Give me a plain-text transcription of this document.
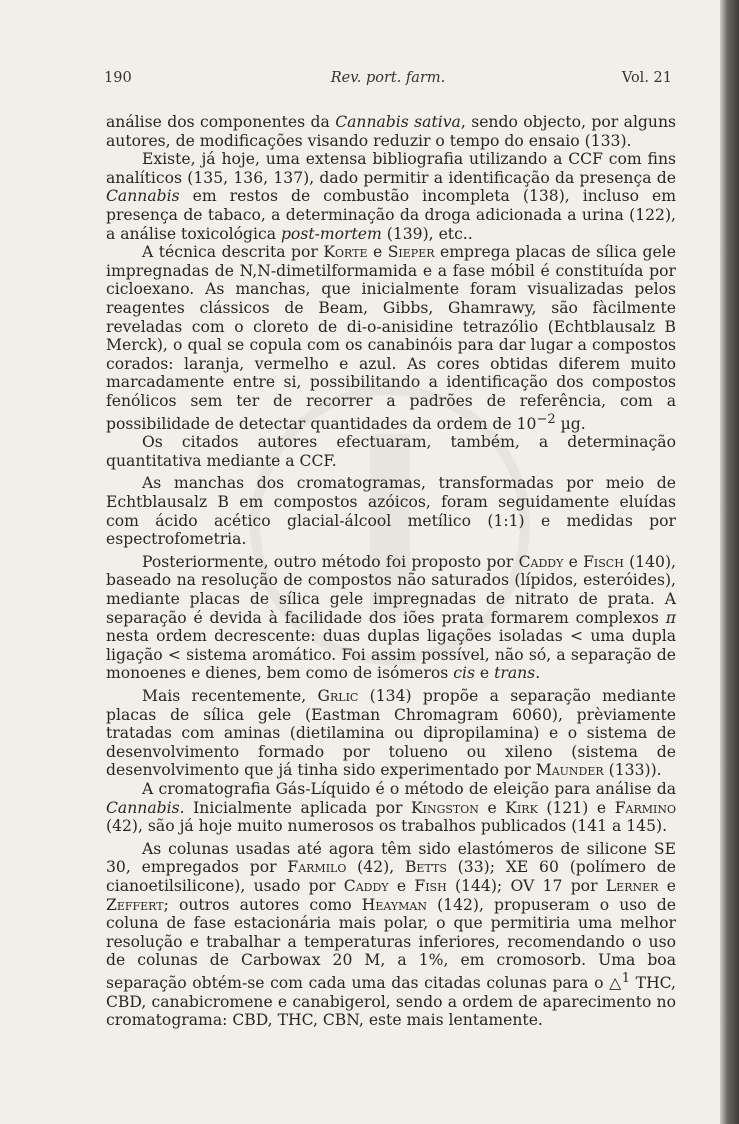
190	Rev. port. farm.	Vol. 21

análise dos componentes da Cannabis sativa, sendo objecto, por alguns autores, de modificações visando reduzir o tempo do ensaio (133).

Existe, já hoje, uma extensa bibliografia utilizando a CCF com fins analíticos (135, 136, 137), dado permitir a identificação da presença de Cannabis em restos de combustão incompleta (138), incluso em presença de tabaco, a determinação da droga adicionada a urina (122), a análise toxicológica post-mortem (139), etc..

A técnica descrita por Korte e Sieper emprega placas de sílica gele impregnadas de N,N-dimetilformamida e a fase móbil é constituída por cicloexano. As manchas, que inicialmente foram visualizadas pelos reagentes clássicos de Beam, Gibbs, Ghamrawy, são fàcilmente reveladas com o cloreto de di-o-anisidine tetrazólio (Echtblausalz B Merck), o qual se copula com os canabinóis para dar lugar a compostos corados: laranja, vermelho e azul. As cores obtidas diferem muito marcadamente entre si, possibilitando a identificação dos compostos fenólicos sem ter de recorrer a padrões de referência, com a possibilidade de detectar quantidades da ordem de $10^{-2}$ µg.

Os citados autores efectuaram, também, a determinação quantitativa mediante a CCF.

As manchas dos cromatogramas, transformadas por meio de Echtblausalz B em compostos azóicos, foram seguidamente eluídas com ácido acético glacial-álcool metílico (1:1) e medidas por espectrofometria.

Posteriormente, outro método foi proposto por Caddy e Fisch (140), baseado na resolução de compostos não saturados (lípidos, esteróides), mediante placas de sílica gele impregnadas de nitrato de prata. A separação é devida à facilidade dos iões prata formarem complexos π nesta ordem decrescente: duas duplas ligações isoladas < uma dupla ligação < sistema aromático. Foi assim possível, não só, a separação de monoenes e dienes, bem como de isómeros cis e trans.

Mais recentemente, Grlic (134) propõe a separação mediante placas de sílica gele (Eastman Chromagram 6060), prèviamente tratadas com aminas (dietilamina ou dipropilamina) e o sistema de desenvolvimento formado por tolueno ou xileno (sistema de desenvolvimento que já tinha sido experimentado por Maunder (133)).

A cromatografia Gás-Líquido é o método de eleição para análise da Cannabis. Inicialmente aplicada por Kingston e Kirk (121) e Farmino (42), são já hoje muito numerosos os trabalhos publicados (141 a 145).

As colunas usadas até agora têm sido elastómeros de silicone SE 30, empregados por Farmilo (42), Betts (33); XE 60 (polímero de cianoetilsilicone), usado por Caddy e Fish (144); OV 17 por Lerner e Zeffert; outros autores como Heayman (142), propuseram o uso de coluna de fase estacionária mais polar, o que permitiria uma melhor resolução e trabalhar a temperaturas inferiores, recomendando o uso de colunas de Carbowax 20 M, a 1%, em cromosorb. Uma boa separação obtém-se com cada uma das citadas colunas para o △$^1$ THC, CBD, canabicromene e canabigerol, sendo a ordem de aparecimento no cromatograma: CBD, THC, CBN, este mais lentamente.
